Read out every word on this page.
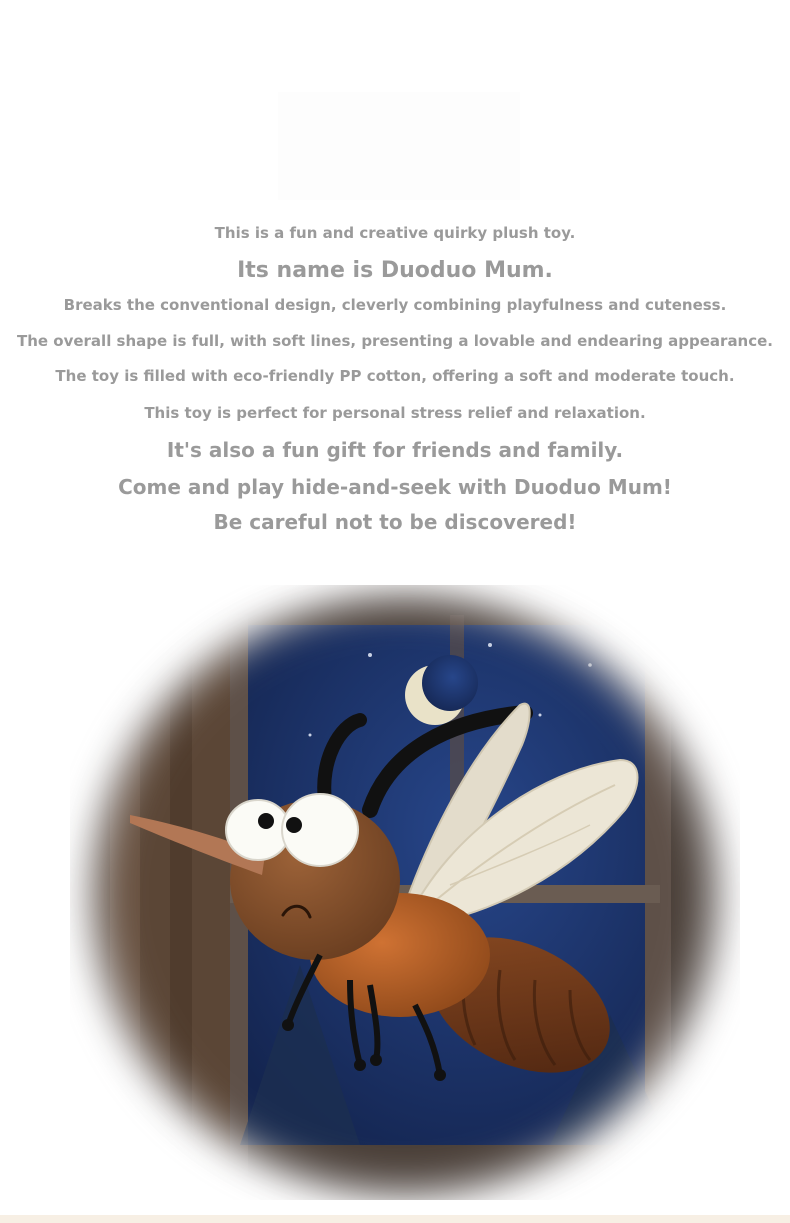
This is a fun and creative quirky plush toy.
Its name is Duoduo Mum.
Breaks the conventional design, cleverly combining playfulness and cuteness.
The overall shape is full, with soft lines, presenting a lovable and endearing appearance.
The toy is filled with eco-friendly PP cotton, offering a soft and moderate touch.
This toy is perfect for personal stress relief and relaxation.
It's also a fun gift for friends and family.
Come and play hide-and-seek with Duoduo Mum!
Be careful not to be discovered!
